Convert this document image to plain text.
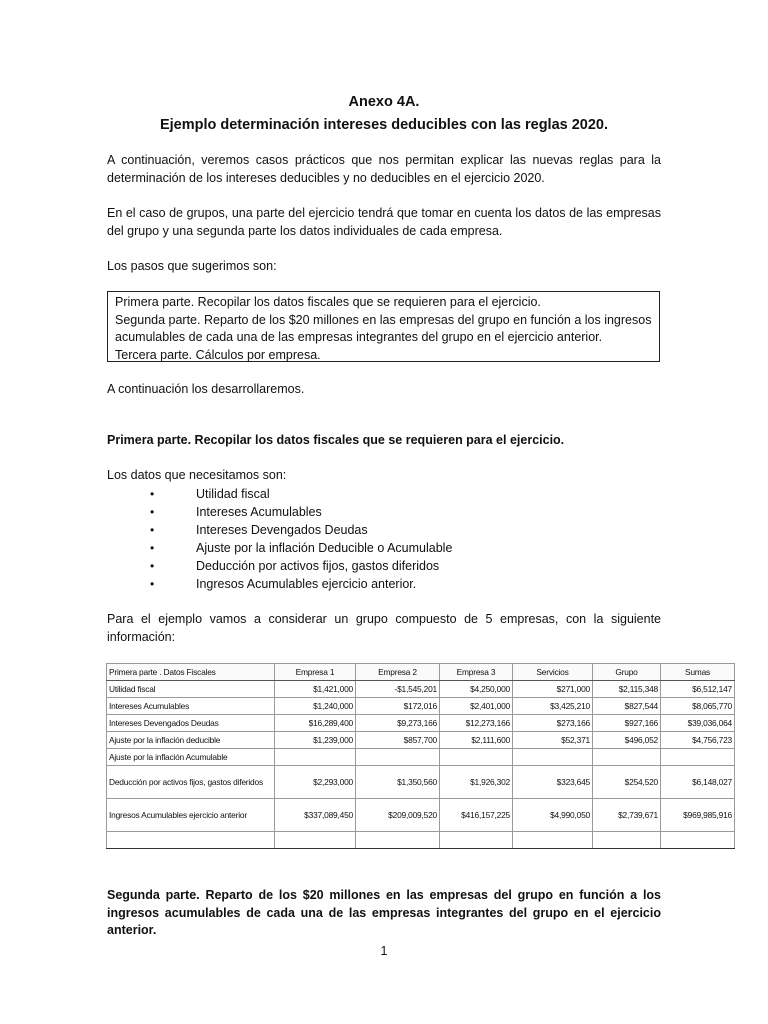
Anexo 4A.
Ejemplo determinación intereses deducibles con las reglas 2020.
A continuación, veremos casos prácticos que nos permitan explicar las nuevas reglas para la determinación de los intereses deducibles y no deducibles en el ejercicio 2020.
En el caso de grupos, una parte del ejercicio tendrá que tomar en cuenta los datos de las empresas del grupo y una segunda parte los datos individuales de cada empresa.
Los pasos que sugerimos son:
Primera parte. Recopilar los datos fiscales que se requieren para el ejercicio.
Segunda parte. Reparto de los $20 millones en las empresas del grupo en función a los ingresos
acumulables de cada una de las empresas integrantes del grupo en el ejercicio anterior.
Tercera parte. Cálculos por empresa.
A continuación los desarrollaremos.
Primera parte. Recopilar los datos fiscales que se requieren para el ejercicio.
Los datos que necesitamos son:
•	Utilidad fiscal
•	Intereses Acumulables
•	Intereses Devengados Deudas
•	Ajuste por la inflación Deducible o Acumulable
•	Deducción por activos fijos, gastos diferidos
•	Ingresos Acumulables ejercicio anterior.
Para el ejemplo vamos a considerar un grupo compuesto de 5 empresas, con la siguiente información:
Primera parte . Datos Fiscales	Empresa 1	Empresa 2	Empresa 3	Servicios	Grupo	Sumas
Utilidad fiscal	$1,421,000	-$1,545,201	$4,250,000	$271,000	$2,115,348	$6,512,147
Intereses Acumulables	$1,240,000	$172,016	$2,401,000	$3,425,210	$827,544	$8,065,770
Intereses Devengados Deudas	$16,289,400	$9,273,166	$12,273,166	$273,166	$927,166	$39,036,064
Ajuste por la inflación deducible	$1,239,000	$857,700	$2,111,600	$52,371	$496,052	$4,756,723
Ajuste por la inflación Acumulable						
Deducción por activos fijos, gastos diferidos	$2,293,000	$1,350,560	$1,926,302	$323,645	$254,520	$6,148,027
Ingresos Acumulables ejercicio anterior	$337,089,450	$209,009,520	$416,157,225	$4,990,050	$2,739,671	$969,985,916

Segunda parte. Reparto de los $20 millones en las empresas del grupo en función a los ingresos acumulables de cada una de las empresas integrantes del grupo en el ejercicio anterior.
1
